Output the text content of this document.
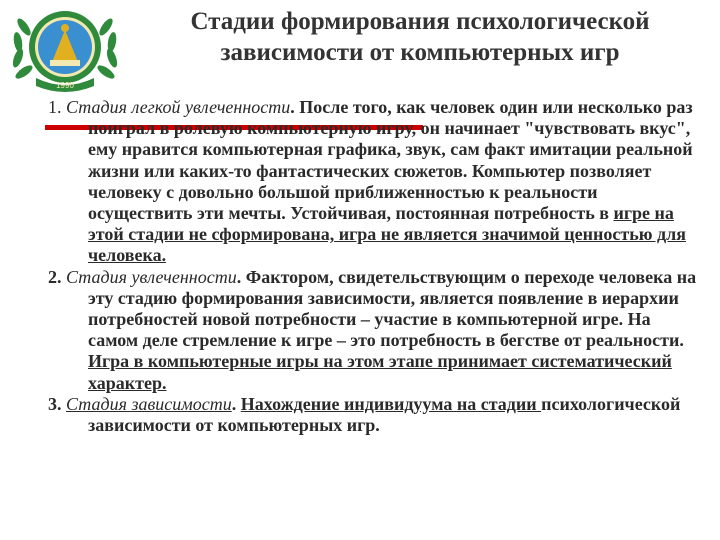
1990
Стадии формирования психологической
зависимости от компьютерных игр

1. Стадия легкой увлеченности. После того, как человек один или несколько раз поиграл в ролевую компьютерную игру, он начинает "чувствовать вкус", ему нравится компьютерная графика, звук, сам факт имитации реальной жизни или каких-то фантастических сюжетов. Компьютер позволяет человеку с довольно большой приближенностью к реальности осуществить эти мечты. Устойчивая, постоянная потребность в игре на этой стадии не сформирована, игра не является значимой ценностью для человека.

2. Стадия увлеченности. Фактором, свидетельствующим о переходе человека на эту стадию формирования зависимости, является появление в иерархии потребностей новой потребности – участие в компьютерной игре. На самом деле стремление к игре – это потребность в бегстве от реальности. Игра в компьютерные игры на этом этапе принимает систематический характер.

3. Стадия зависимости. Нахождение индивидуума на стадии психологической зависимости от компьютерных игр.
